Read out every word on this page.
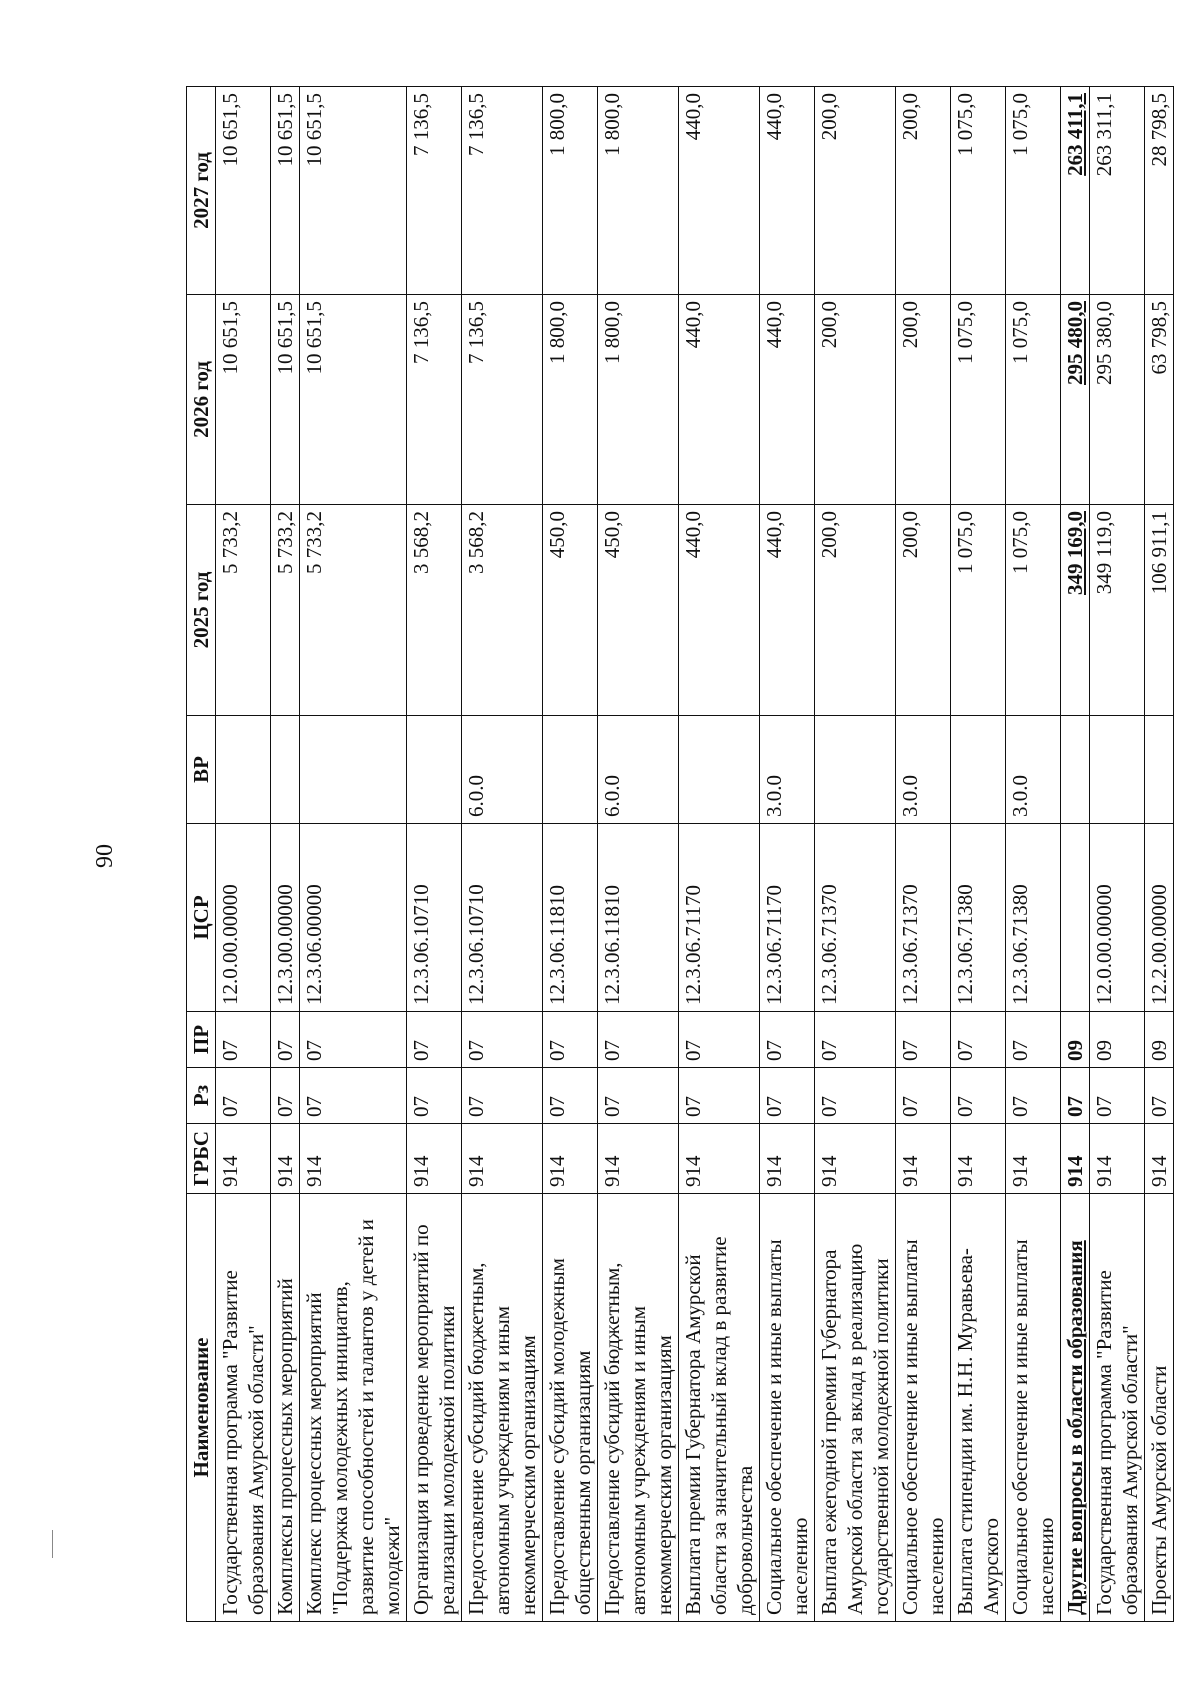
90
Наименование	ГРБС	Рз	ПР	ЦСР	ВР	2025 год	2026 год	2027 год
Государственная программа "Развитие образования Амурской области"	914	07	07	12.0.00.00000		5 733,2	10 651,5	10 651,5
Комплексы процессных мероприятий	914	07	07	12.3.00.00000		5 733,2	10 651,5	10 651,5
Комплекс процессных мероприятий "Поддержка молодежных инициатив, развитие способностей и талантов у детей и молодежи"	914	07	07	12.3.06.00000		5 733,2	10 651,5	10 651,5
Организация и проведение мероприятий по реализации молодежной политики	914	07	07	12.3.06.10710		3 568,2	7 136,5	7 136,5
Предоставление субсидий бюджетным, автономным учреждениям и иным некоммерческим организациям	914	07	07	12.3.06.10710	6.0.0	3 568,2	7 136,5	7 136,5
Предоставление субсидий молодежным общественным организациям	914	07	07	12.3.06.11810		450,0	1 800,0	1 800,0
Предоставление субсидий бюджетным, автономным учреждениям и иным некоммерческим организациям	914	07	07	12.3.06.11810	6.0.0	450,0	1 800,0	1 800,0
Выплата премии Губернатора Амурской области за значительный вклад в развитие добровольчества	914	07	07	12.3.06.71170		440,0	440,0	440,0
Социальное обеспечение и иные выплаты населению	914	07	07	12.3.06.71170	3.0.0	440,0	440,0	440,0
Выплата ежегодной премии Губернатора Амурской области за вклад в реализацию государственной молодежной политики	914	07	07	12.3.06.71370		200,0	200,0	200,0
Социальное обеспечение и иные выплаты населению	914	07	07	12.3.06.71370	3.0.0	200,0	200,0	200,0
Выплата стипендии им. Н.Н. Муравьева-Амурского	914	07	07	12.3.06.71380		1 075,0	1 075,0	1 075,0
Социальное обеспечение и иные выплаты населению	914	07	07	12.3.06.71380	3.0.0	1 075,0	1 075,0	1 075,0
Другие вопросы в области образования	914	07	09			349 169,0	295 480,0	263 411,1
Государственная программа "Развитие образования Амурской области"	914	07	09	12.0.00.00000		349 119,0	295 380,0	263 311,1
Проекты Амурской области	914	07	09	12.2.00.00000		106 911,1	63 798,5	28 798,5
